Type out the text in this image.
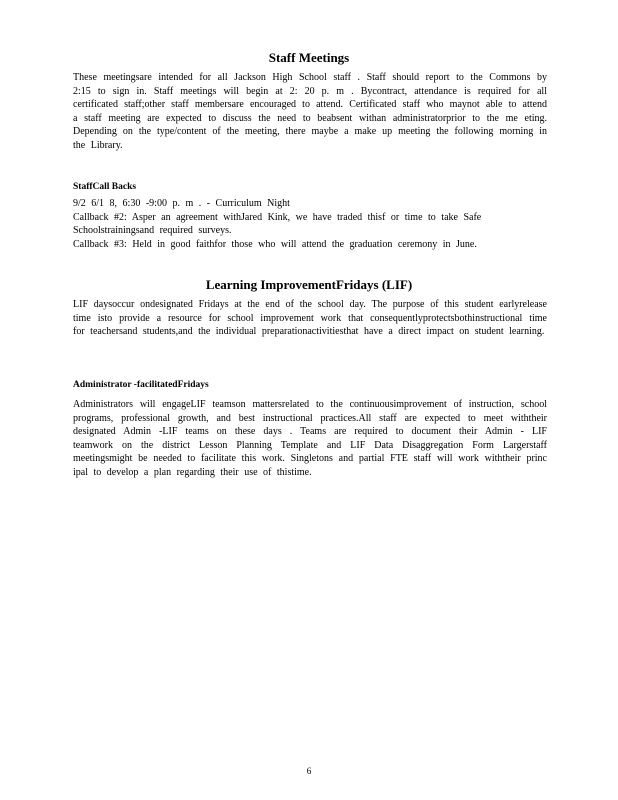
Staff Meetings

These meetingsare intended for all Jackson High School staff . Staff should report to the Commons by 2:15 to sign in. Staff meetings will begin at 2: 20 p. m . Bycontract, attendance is required for all certificated staff;other staff membersare encouraged to attend. Certificated staff who maynot able to attend a staff meeting are expected to discuss the need to beabsent withan administratorprior to the me eting. Depending on the type/content of the meeting, there maybe a make up meeting the following morning in the Library.

StaffCall Backs
9/2 6/1 8, 6:30 -9:00 p. m . - Curriculum Night
Callback #2: Asper an agreement withJared Kink, we have traded thisf or time to take Safe
Schoolstrainingsand required surveys.
Callback #3: Held in good faithfor those who will attend the graduation ceremony in June.
Learning ImprovementFridays (LIF)

LIF daysoccur ondesignated Fridays at the end of the school day. The purpose of this student earlyrelease time isto provide a resource for school improvement work that consequentlyprotectsbothinstructional time for teachersand students,and the individual preparationactivitiesthat have a direct impact on student learning.

Administrator -facilitatedFridays

Administrators will engageLIF teamson mattersrelated to the continuousimprovement of instruction, school programs, professional growth, and best instructional practices.All staff are expected to meet withtheir designated Admin -LIF teams on these days . Teams are required to document their Admin - LIF teamwork on the district Lesson Planning Template and LIF Data Disaggregation Form Largerstaff meetingsmight be needed to facilitate this work. Singletons and partial FTE staff will work withtheir princ ipal to develop a plan regarding their use of thistime.

6
